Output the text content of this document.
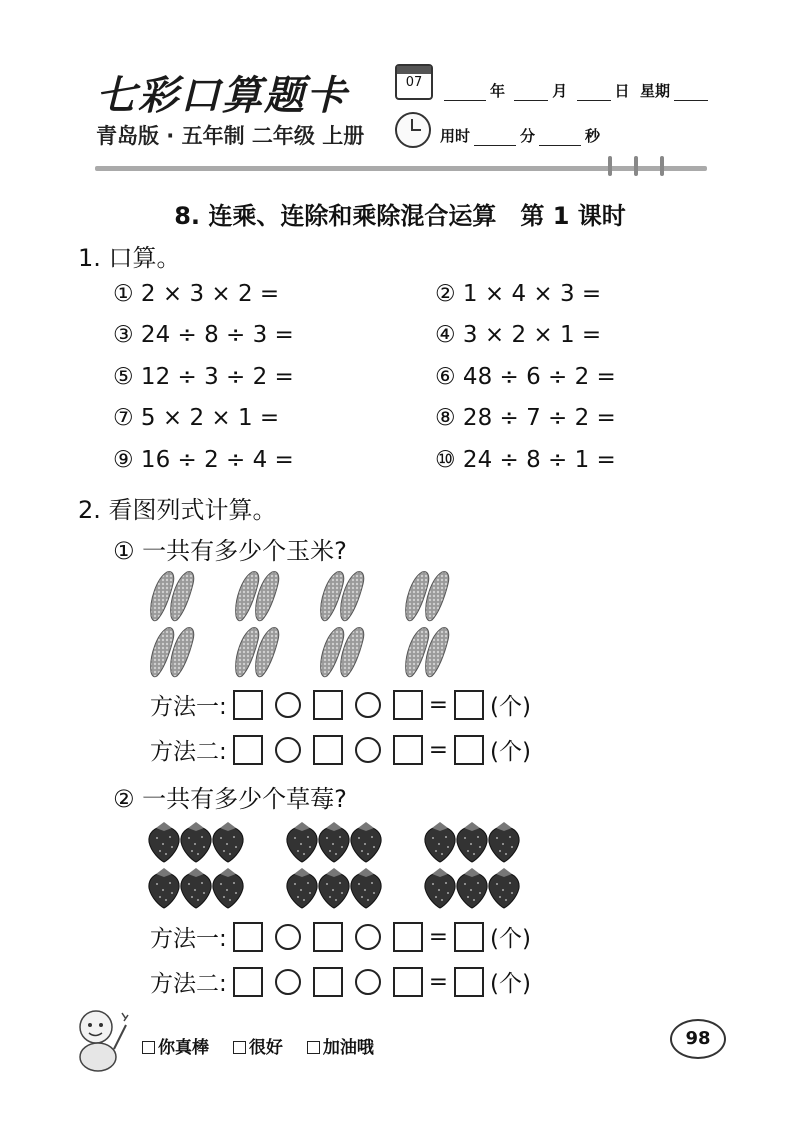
七彩口算题卡
青岛版 · 五年制 二年级 上册
07	年	月	日 星期
用时	分	秒
8. 连乘、连除和乘除混合运算　第 1 课时
1. 口算。
① 2 × 3 × 2 =	② 1 × 4 × 3 =
③ 24 ÷ 8 ÷ 3 =	④ 3 × 2 × 1 =
⑤ 12 ÷ 3 ÷ 2 =	⑥ 48 ÷ 6 ÷ 2 =
⑦ 5 × 2 × 1 =	⑧ 28 ÷ 7 ÷ 2 =
⑨ 16 ÷ 2 ÷ 4 =	⑩ 24 ÷ 8 ÷ 1 =
2. 看图列式计算。
① 一共有多少个玉米?
方法一:	= (个)
方法二:	= (个)
② 一共有多少个草莓?
方法一:	= (个)
方法二:	= (个)
你真棒 很好 加油哦	98
